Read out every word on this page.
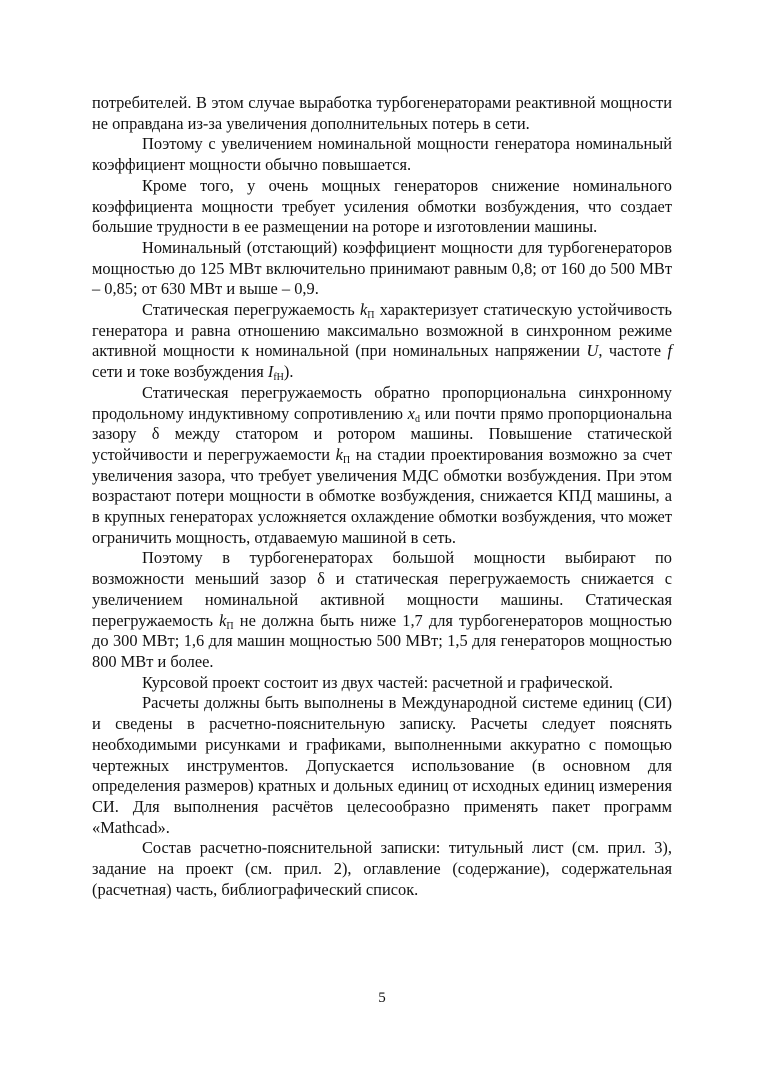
потребителей. В этом случае выработка турбогенераторами реактивной мощности не оправдана из-за увеличения дополнительных потерь в сети.

Поэтому с увеличением номинальной мощности генератора номинальный коэффициент мощности обычно повышается.

Кроме того, у очень мощных генераторов снижение номинального коэффициента мощности требует усиления обмотки возбуждения, что создает большие трудности в ее размещении на роторе и изготовлении машины.

Номинальный (отстающий) коэффициент мощности для турбогенераторов мощностью до 125 МВт включительно принимают равным 0,8; от 160 до 500 МВт – 0,85; от 630 МВт и выше – 0,9.

Статическая перегружаемость $k_П$ характеризует статическую устойчивость генератора и равна отношению максимально возможной в синхронном режиме активной мощности к номинальной (при номинальных напряжении U, частоте f сети и токе возбуждения $I_{fН}$).

Статическая перегружаемость обратно пропорциональна синхронному продольному индуктивному сопротивлению $x_d$ или почти прямо пропорциональна зазору δ между статором и ротором машины. Повышение статической устойчивости и перегружаемости $k_П$ на стадии проектирования возможно за счет увеличения зазора, что требует увеличения МДС обмотки возбуждения. При этом возрастают потери мощности в обмотке возбуждения, снижается КПД машины, а в крупных генераторах усложняется охлаждение обмотки возбуждения, что может ограничить мощность, отдаваемую машиной в сеть.

Поэтому в турбогенераторах большой мощности выбирают по возможности меньший зазор δ и статическая перегружаемость снижается с увеличением номинальной активной мощности машины. Статическая перегружаемость $k_П$ не должна быть ниже 1,7 для турбогенераторов мощностью до 300 МВт; 1,6 для машин мощностью 500 МВт; 1,5 для генераторов мощностью 800 МВт и более.

Курсовой проект состоит из двух частей: расчетной и графической.

Расчеты должны быть выполнены в Международной системе единиц (СИ) и сведены в расчетно-пояснительную записку. Расчеты следует пояснять необходимыми рисунками и графиками, выполненными аккуратно с помощью чертежных инструментов. Допускается использование (в основном для определения размеров) кратных и дольных единиц от исходных единиц измерения СИ. Для выполнения расчётов целесообразно применять пакет программ «Mathcad».

Состав расчетно-пояснительной записки: титульный лист (см. прил. 3), задание на проект (см. прил. 2), оглавление (содержание), содержательная (расчетная) часть, библиографический список.

5
